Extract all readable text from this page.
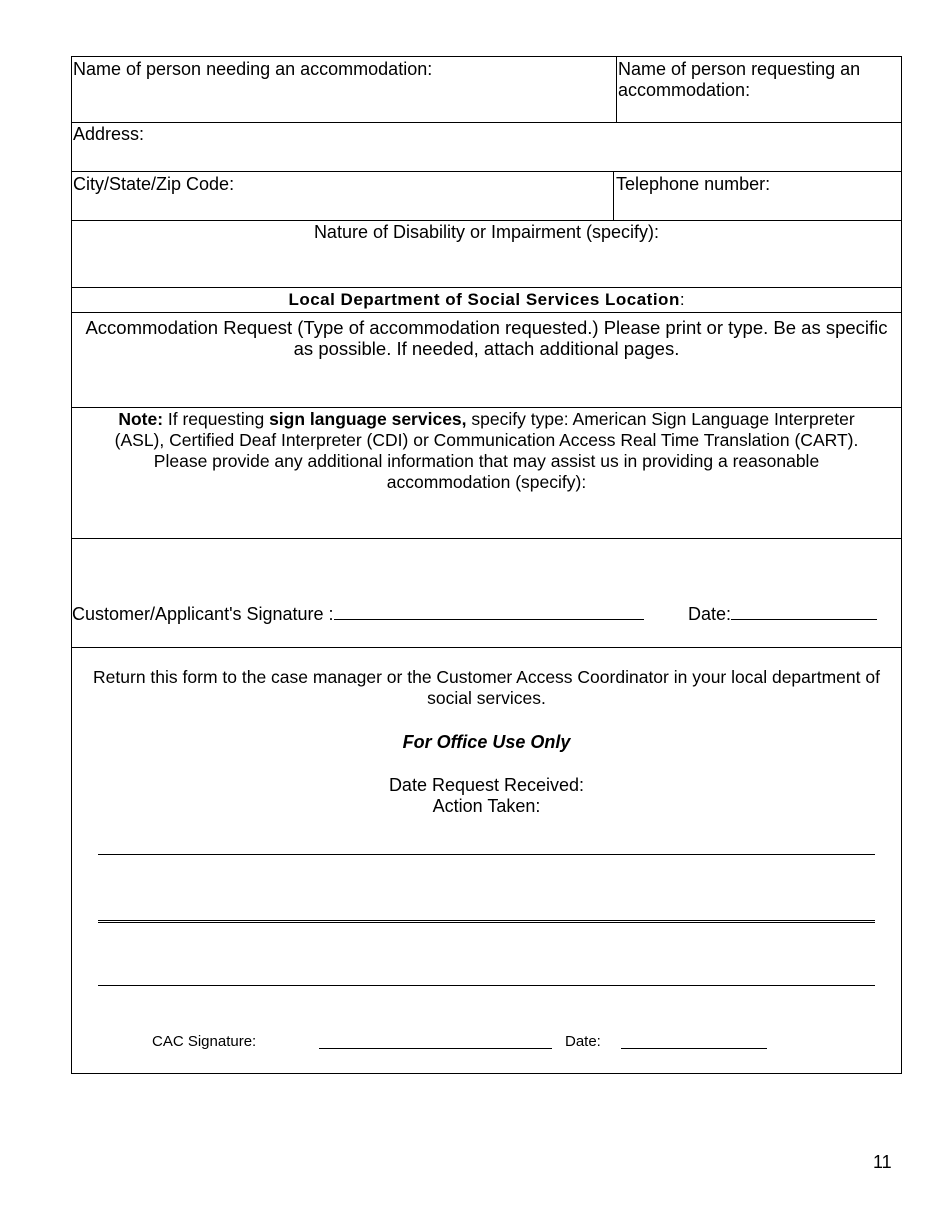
Name of person needing an accommodation:	Name of person requesting an accommodation:
Address:
City/State/Zip Code:	Telephone number:
Nature of Disability or Impairment (specify):
Local Department of Social Services Location:
Accommodation Request (Type of accommodation requested.) Please print or type. Be as specific as possible. If needed, attach additional pages.
Note: If requesting sign language services, specify type: American Sign Language Interpreter (ASL), Certified Deaf Interpreter (CDI) or Communication Access Real Time Translation (CART).
Please provide any additional information that may assist us in providing a reasonable accommodation (specify):
Customer/Applicant's Signature :	Date:
Return this form to the case manager or the Customer Access Coordinator in your local department of social services.
For Office Use Only
Date Request Received:
Action Taken:
CAC Signature:	Date:
11
